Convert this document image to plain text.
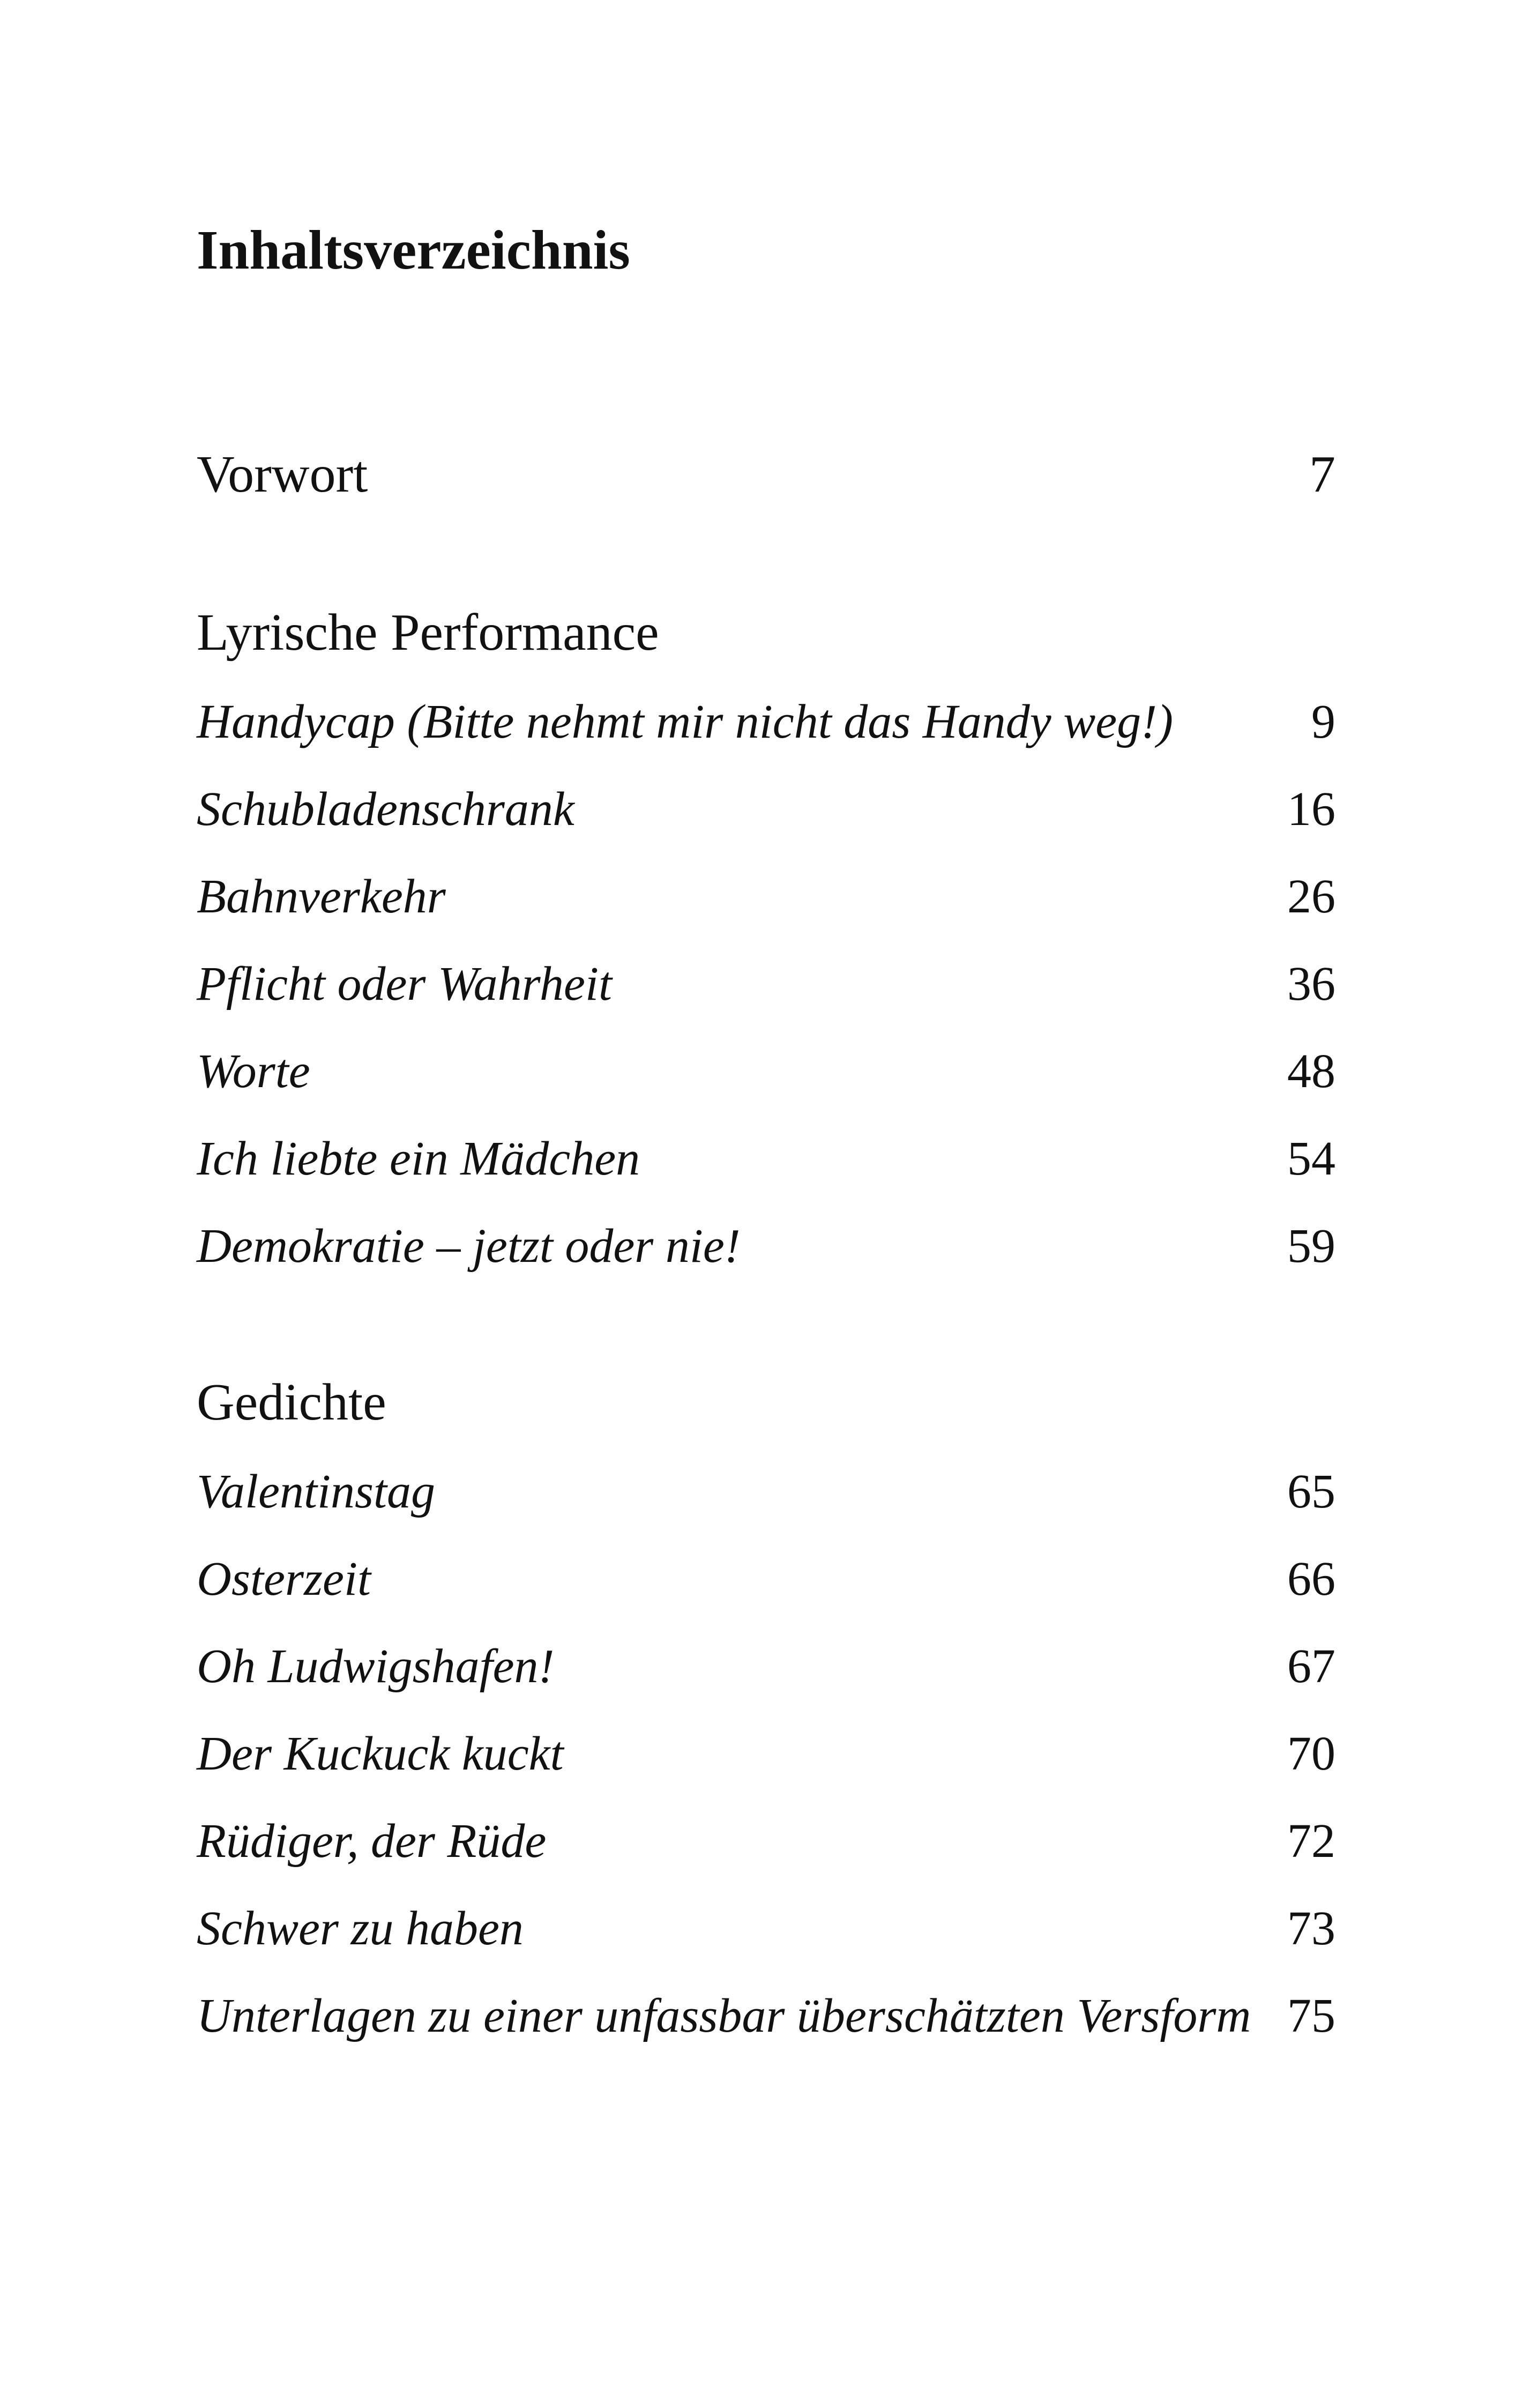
Inhaltsverzeichnis
Vorwort	7
Lyrische Performance
Handycap (Bitte nehmt mir nicht das Handy weg!)	9
Schubladenschrank	16
Bahnverkehr	26
Pflicht oder Wahrheit	36
Worte	48
Ich liebte ein Mädchen	54
Demokratie – jetzt oder nie!	59
Gedichte
Valentinstag	65
Osterzeit	66
Oh Ludwigshafen!	67
Der Kuckuck kuckt	70
Rüdiger, der Rüde	72
Schwer zu haben	73
Unterlagen zu einer unfassbar überschätzten Versform 75
